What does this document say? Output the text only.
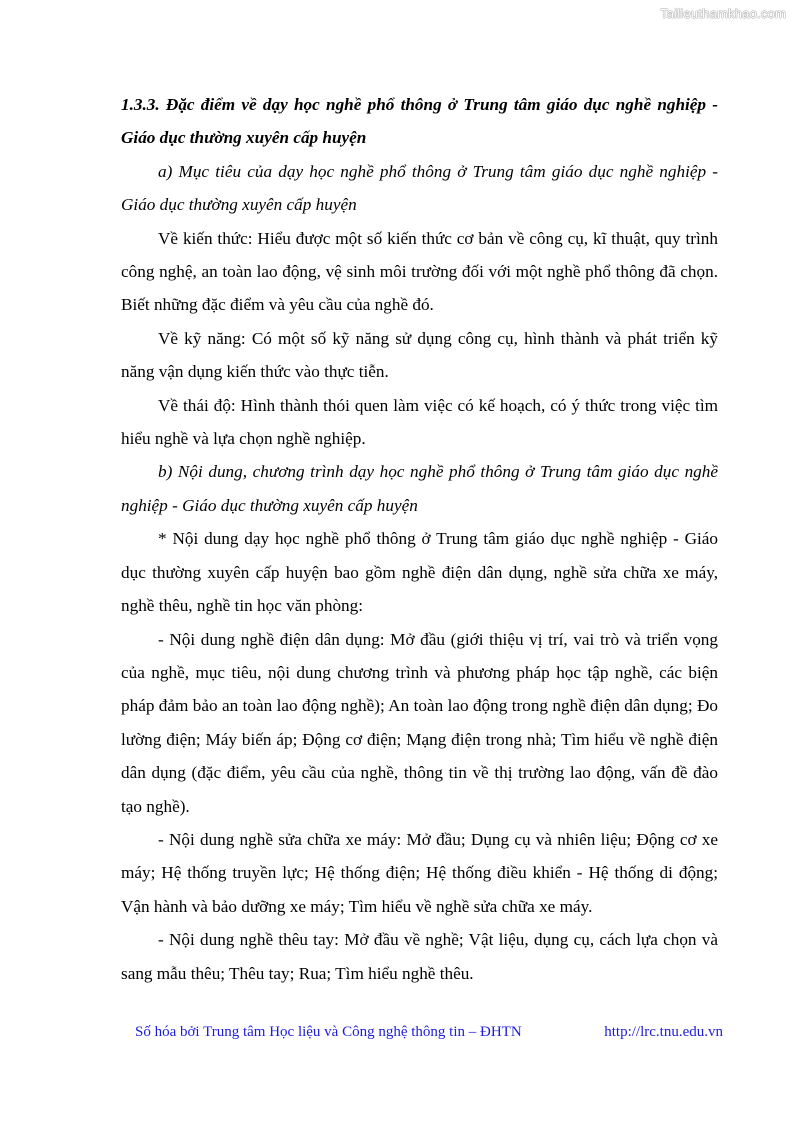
Tailieuthamkhao.com

1.3.3. Đặc điểm về dạy học nghề phổ thông ở Trung tâm giáo dục nghề nghiệp - Giáo dục thường xuyên cấp huyện

a) Mục tiêu của dạy học nghề phổ thông ở Trung tâm giáo dục nghề nghiệp - Giáo dục thường xuyên cấp huyện

Về kiến thức: Hiểu được một số kiến thức cơ bản về công cụ, kĩ thuật, quy trình công nghệ, an toàn lao động, vệ sinh môi trường đối với một nghề phổ thông đã chọn. Biết những đặc điểm và yêu cầu của nghề đó.

Về kỹ năng: Có một số kỹ năng sử dụng công cụ, hình thành và phát triển kỹ năng vận dụng kiến thức vào thực tiễn.

Về thái độ: Hình thành thói quen làm việc có kế hoạch, có ý thức trong việc tìm hiểu nghề và lựa chọn nghề nghiệp.

b) Nội dung, chương trình dạy học nghề phổ thông ở Trung tâm giáo dục nghề nghiệp - Giáo dục thường xuyên cấp huyện

* Nội dung dạy học nghề phổ thông ở Trung tâm giáo dục nghề nghiệp - Giáo dục thường xuyên cấp huyện bao gồm nghề điện dân dụng, nghề sửa chữa xe máy, nghề thêu, nghề tin học văn phòng:

- Nội dung nghề điện dân dụng: Mở đầu (giới thiệu vị trí, vai trò và triển vọng của nghề, mục tiêu, nội dung chương trình và phương pháp học tập nghề, các biện pháp đảm bảo an toàn lao động nghề); An toàn lao động trong nghề điện dân dụng; Đo lường điện; Máy biến áp; Động cơ điện; Mạng điện trong nhà; Tìm hiểu về nghề điện dân dụng (đặc điểm, yêu cầu của nghề, thông tin về thị trường lao động, vấn đề đào tạo nghề).

- Nội dung nghề sửa chữa xe máy: Mở đầu; Dụng cụ và nhiên liệu; Động cơ xe máy; Hệ thống truyền lực; Hệ thống điện; Hệ thống điều khiển - Hệ thống di động; Vận hành và bảo dưỡng xe máy; Tìm hiểu về nghề sửa chữa xe máy.

- Nội dung nghề thêu tay: Mở đầu về nghề; Vật liệu, dụng cụ, cách lựa chọn và sang mẫu thêu; Thêu tay; Rua; Tìm hiểu nghề thêu.

Số hóa bởi Trung tâm Học liệu và Công nghệ thông tin – ĐHTN	http://lrc.tnu.edu.vn
